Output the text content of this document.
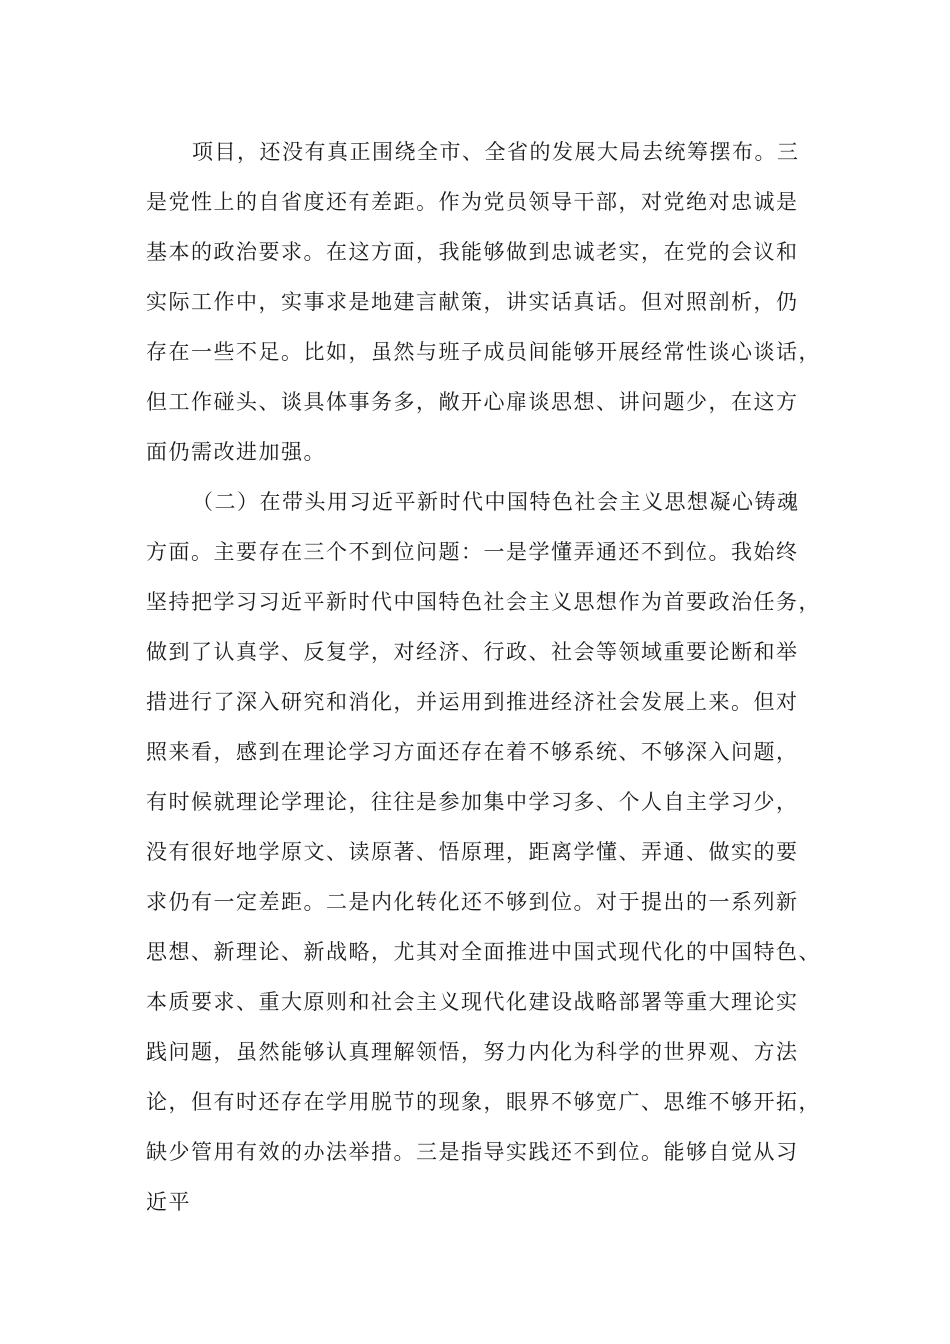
项目，还没有真正围绕全市、全省的发展大局去统筹摆布。三
是党性上的自省度还有差距。作为党员领导干部，对党绝对忠诚是
基本的政治要求。在这方面，我能够做到忠诚老实，在党的会议和
实际工作中，实事求是地建言献策，讲实话真话。但对照剖析，仍
存在一些不足。比如，虽然与班子成员间能够开展经常性谈心谈话，
但工作碰头、谈具体事务多，敞开心扉谈思想、讲问题少，在这方
面仍需改进加强。
（二）在带头用习近平新时代中国特色社会主义思想凝心铸魂
方面。主要存在三个不到位问题：一是学懂弄通还不到位。我始终
坚持把学习习近平新时代中国特色社会主义思想作为首要政治任务，
做到了认真学、反复学，对经济、行政、社会等领域重要论断和举
措进行了深入研究和消化，并运用到推进经济社会发展上来。但对
照来看，感到在理论学习方面还存在着不够系统、不够深入问题，
有时候就理论学理论，往往是参加集中学习多、个人自主学习少，
没有很好地学原文、读原著、悟原理，距离学懂、弄通、做实的要
求仍有一定差距。二是内化转化还不够到位。对于提出的一系列新
思想、新理论、新战略，尤其对全面推进中国式现代化的中国特色、
本质要求、重大原则和社会主义现代化建设战略部署等重大理论实
践问题，虽然能够认真理解领悟，努力内化为科学的世界观、方法
论，但有时还存在学用脱节的现象，眼界不够宽广、思维不够开拓，
缺少管用有效的办法举措。三是指导实践还不到位。能够自觉从习
近平
